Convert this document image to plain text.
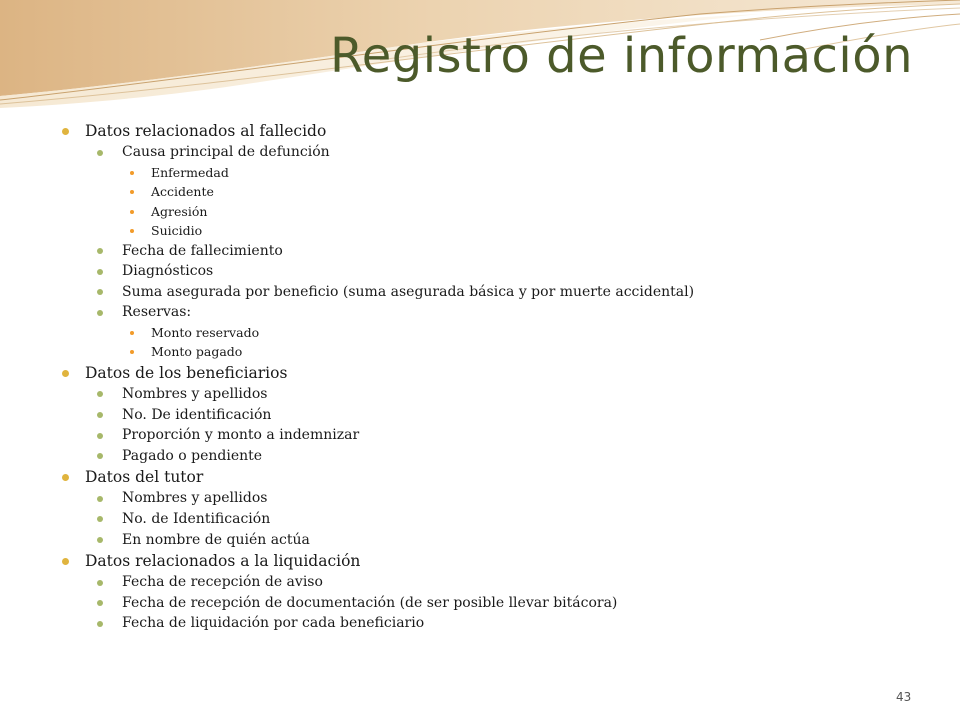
Registro de información
Datos relacionados al fallecido
Causa principal de defunción
Enfermedad
Accidente
Agresión
Suicidio
Fecha de fallecimiento
Diagnósticos
Suma asegurada por beneficio (suma asegurada básica y por muerte accidental)
Reservas:
Monto reservado
Monto pagado
Datos de los beneficiarios
Nombres y apellidos
No. De identificación
Proporción y monto a indemnizar
Pagado o pendiente
Datos del tutor
Nombres y apellidos
No. de Identificación
En nombre de quién actúa
Datos relacionados a la liquidación
Fecha de recepción de aviso
Fecha de recepción de documentación (de ser posible llevar bitácora)
Fecha de liquidación por cada beneficiario
43
